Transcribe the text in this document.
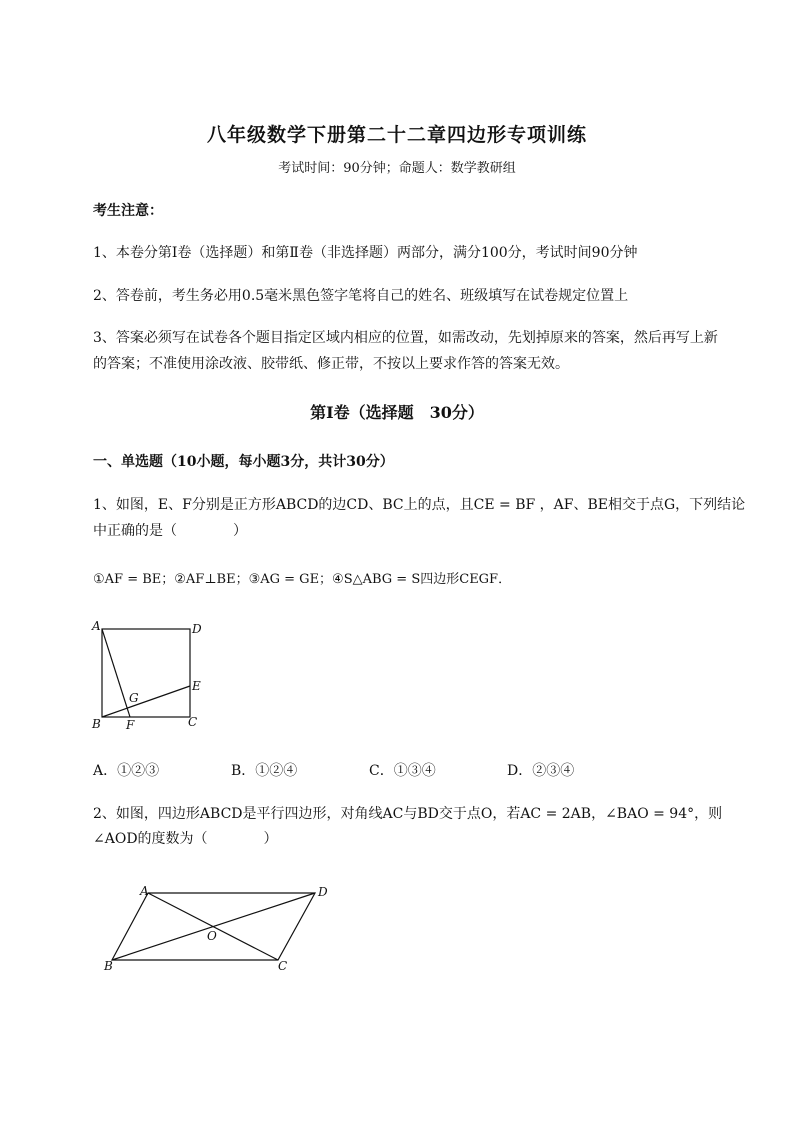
八年级数学下册第二十二章四边形专项训练
考试时间：90分钟；命题人：数学教研组
考生注意：
1、本卷分第I卷（选择题）和第Ⅱ卷（非选择题）两部分，满分100分，考试时间90分钟
2、答卷前，考生务必用0.5毫米黑色签字笔将自己的姓名、班级填写在试卷规定位置上
3、答案必须写在试卷各个题目指定区域内相应的位置，如需改动，先划掉原来的答案，然后再写上新
的答案；不准使用涂改液、胶带纸、修正带，不按以上要求作答的答案无效。
第I卷（选择题　30分）
一、单选题（10小题，每小题3分，共计30分）
1、如图，E、F分别是正方形ABCD的边CD、BC上的点，且CE = BF ，AF、BE相交于点G，下列结论
中正确的是（　　　　）
①AF = BE；②AF⊥BE；③AG = GE；④S△ABG = S四边形CEGF．
A	D
B	C
E
F
G
A．①②③	B．①②④	C．①③④	D．②③④
2、如图，四边形ABCD是平行四边形，对角线AC与BD交于点O，若AC = 2AB，∠BAO = 94°，则
∠AOD的度数为（　　　　）
A	D
B	C
O
